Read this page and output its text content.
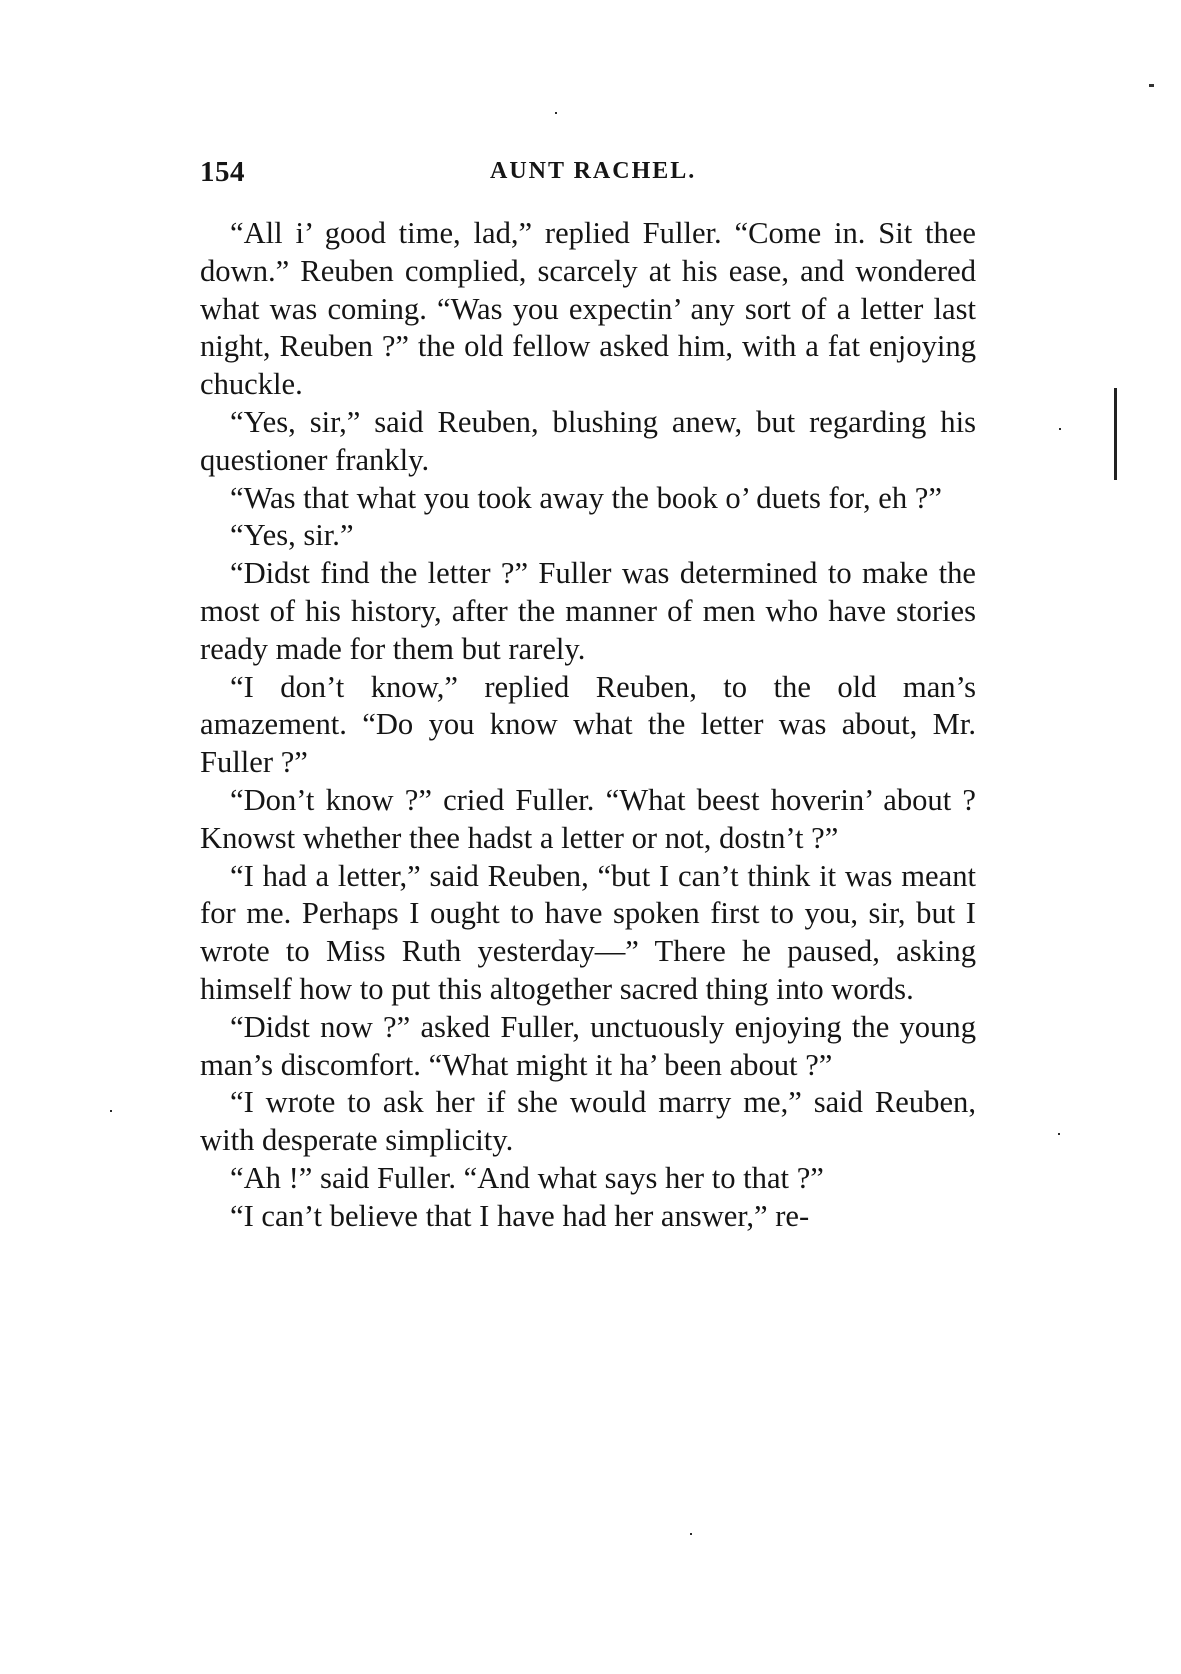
154	AUNT RACHEL.

“All i’ good time, lad,” replied Fuller. “Come in. Sit thee down.” Reuben complied, scarcely at his ease, and wondered what was coming. “Was you expectin’ any sort of a letter last night, Reuben ?” the old fellow asked him, with a fat enjoying chuckle.

“Yes, sir,” said Reuben, blushing anew, but regarding his questioner frankly.

“Was that what you took away the book o’ duets for, eh ?”

“Yes, sir.”

“Didst find the letter ?” Fuller was determined to make the most of his history, after the manner of men who have stories ready made for them but rarely.

“I don’t know,” replied Reuben, to the old man’s amazement. “Do you know what the letter was about, Mr. Fuller ?”

“Don’t know ?” cried Fuller. “What beest hoverin’ about ? Knowst whether thee hadst a letter or not, dostn’t ?”

“I had a letter,” said Reuben, “but I can’t think it was meant for me. Perhaps I ought to have spoken first to you, sir, but I wrote to Miss Ruth yesterday—” There he paused, asking himself how to put this altogether sacred thing into words.

“Didst now ?” asked Fuller, unctuously enjoying the young man’s discomfort. “What might it ha’ been about ?”

“I wrote to ask her if she would marry me,” said Reuben, with desperate simplicity.

“Ah !” said Fuller. “And what says her to that ?”

“I can’t believe that I have had her answer,” re-
